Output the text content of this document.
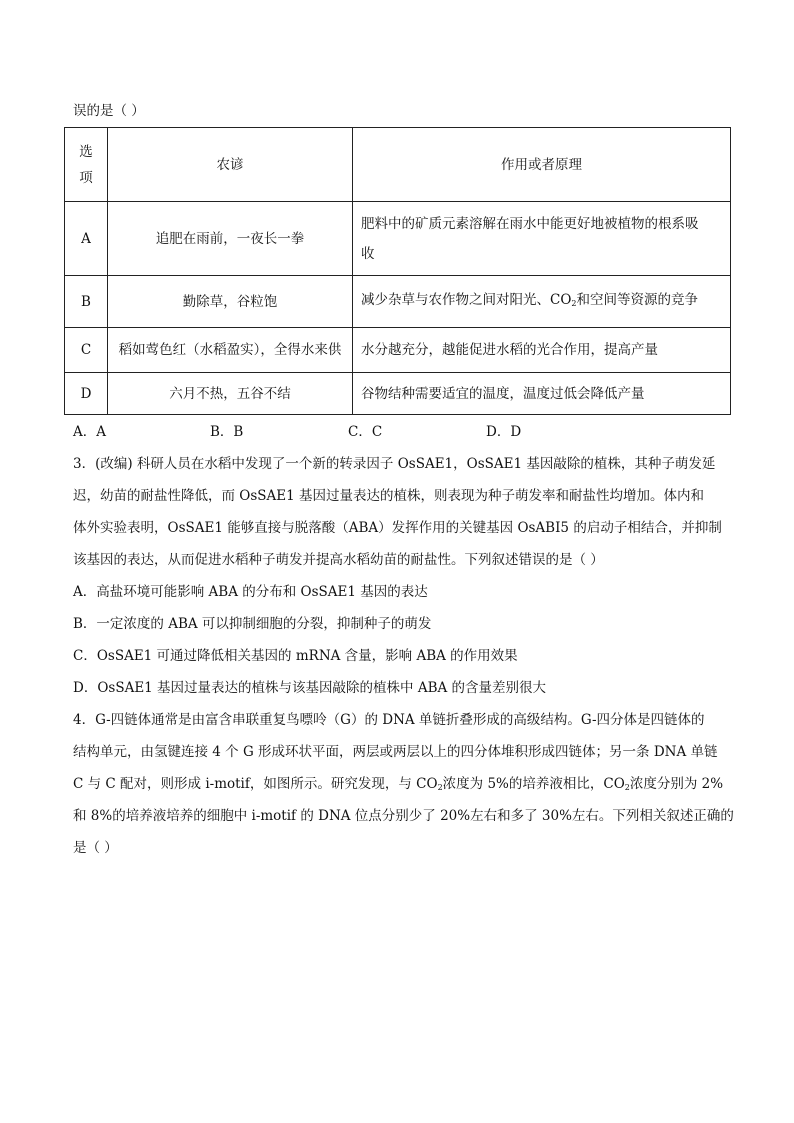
误的是（ ）
选
项	农谚	作用或者原理
A	追肥在雨前，一夜长一拳	肥料中的矿质元素溶解在雨水中能更好地被植物的根系吸
收

B	勤除草，谷粒饱	减少杂草与农作物之间对阳光、$CO_2$和空间等资源的竞争
C	稻如莺色红（水稻盈实），全得水来供	水分越充分，越能促进水稻的光合作用，提高产量
D	六月不热，五谷不结	谷物结种需要适宜的温度，温度过低会降低产量
A．A	B．B	C．C	D．D
3．(改编) 科研人员在水稻中发现了一个新的转录因子 OsSAE1，OsSAE1 基因敲除的植株，其种子萌发延
迟，幼苗的耐盐性降低，而 OsSAE1 基因过量表达的植株，则表现为种子萌发率和耐盐性均增加。体内和
体外实验表明，OsSAE1 能够直接与脱落酸（ABA）发挥作用的关键基因 OsABI5 的启动子相结合，并抑制
该基因的表达，从而促进水稻种子萌发并提高水稻幼苗的耐盐性。下列叙述错误的是（ ）
A．高盐环境可能影响 ABA 的分布和 OsSAE1 基因的表达
B．一定浓度的 ABA 可以抑制细胞的分裂，抑制种子的萌发
C．OsSAE1 可通过降低相关基因的 mRNA 含量，影响 ABA 的作用效果
D．OsSAE1 基因过量表达的植株与该基因敲除的植株中 ABA 的含量差别很大
4．G-四链体通常是由富含串联重复鸟嘌呤（G）的 DNA 单链折叠形成的高级结构。G-四分体是四链体的
结构单元，由氢键连接 4 个 G 形成环状平面，两层或两层以上的四分体堆积形成四链体；另一条 DNA 单链
C 与 C 配对，则形成 i-motif，如图所示。研究发现，与 $CO_2$浓度为 5%的培养液相比，$CO_2$浓度分别为 2%
和 8%的培养液培养的细胞中 i-motif 的 DNA 位点分别少了 20%左右和多了 30%左右。下列相关叙述正确的
是（ ）
